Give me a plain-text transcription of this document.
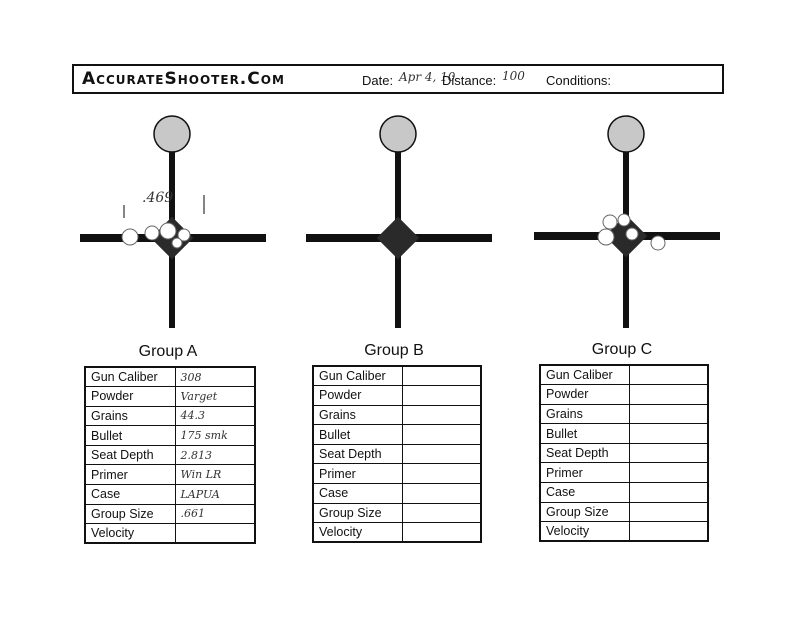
AccurateShooter.Com	Date: Apr 4, 10
Distance: 100 Conditions:
.469
Group A	Group B	Group C
Gun Caliber	308
Powder	Varget
Grains	44.3
Bullet	175 smk
Seat Depth	2.813
Primer	Win LR
Case	LAPUA
Group Size	.661
Velocity	
Gun Caliber	
Powder	
Grains	
Bullet	
Seat Depth	
Primer	
Case	
Group Size	
Velocity	
Gun Caliber	
Powder	
Grains	
Bullet	
Seat Depth	
Primer	
Case	
Group Size	
Velocity	
